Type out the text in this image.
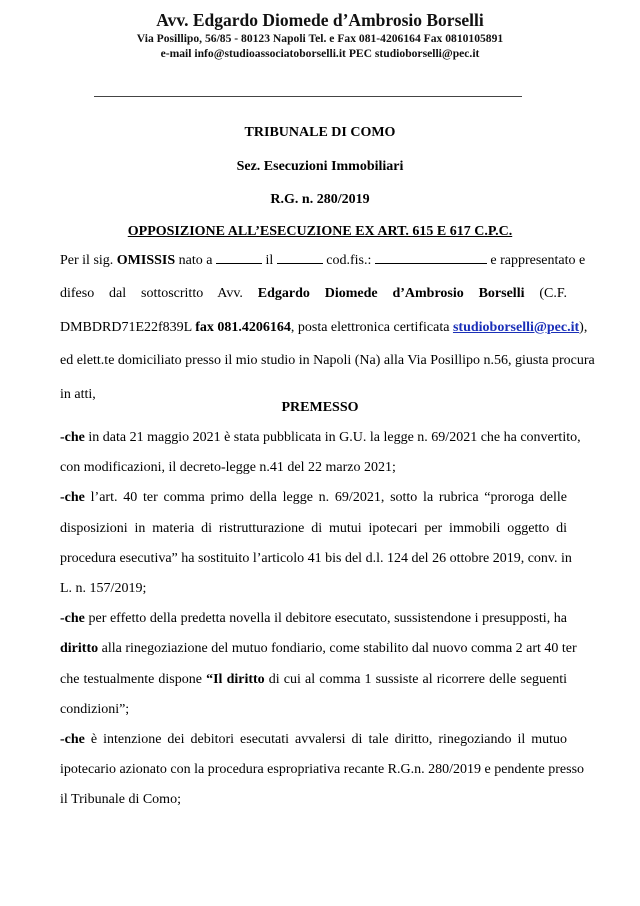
Avv. Edgardo Diomede d’Ambrosio Borselli
Via Posillipo, 56/85 - 80123 Napoli Tel. e Fax 081-4206164 Fax 0810105891
e-mail info@studioassociatoborselli.it PEC studioborselli@pec.it
TRIBUNALE DI COMO
Sez. Esecuzioni Immobiliari
R.G. n. 280/2019
OPPOSIZIONE ALL’ESECUZIONE EX ART. 615 E 617 C.P.C.
Per il sig. OMISSIS nato a	il	cod.fis.:	e rappresentato e
difeso dal sottoscritto Avv. Edgardo Diomede d’Ambrosio Borselli (C.F.
DMBDRD71E22f839L fax 081.4206164, posta elettronica certificata studioborselli@pec.it),
ed elett.te domiciliato presso il mio studio in Napoli (Na) alla Via Posillipo n.56, giusta procura
in atti,
PREMESSO
-che in data 21 maggio 2021 è stata pubblicata in G.U. la legge n. 69/2021 che ha convertito,
con modificazioni, il decreto-legge n.41 del 22 marzo 2021;
-che l’art. 40 ter comma primo della legge n. 69/2021, sotto la rubrica “proroga delle
disposizioni in materia di ristrutturazione di mutui ipotecari per immobili oggetto di
procedura esecutiva” ha sostituito l’articolo 41 bis del d.l. 124 del 26 ottobre 2019, conv. in
L. n. 157/2019;
-che per effetto della predetta novella il debitore esecutato, sussistendone i presupposti, ha
diritto alla rinegoziazione del mutuo fondiario, come stabilito dal nuovo comma 2 art 40 ter
che testualmente dispone “Il diritto di cui al comma 1 sussiste al ricorrere delle seguenti
condizioni”;
-che è intenzione dei debitori esecutati avvalersi di tale diritto, rinegoziando il mutuo
ipotecario azionato con la procedura espropriativa recante R.G.n. 280/2019 e pendente presso
il Tribunale di Como;
